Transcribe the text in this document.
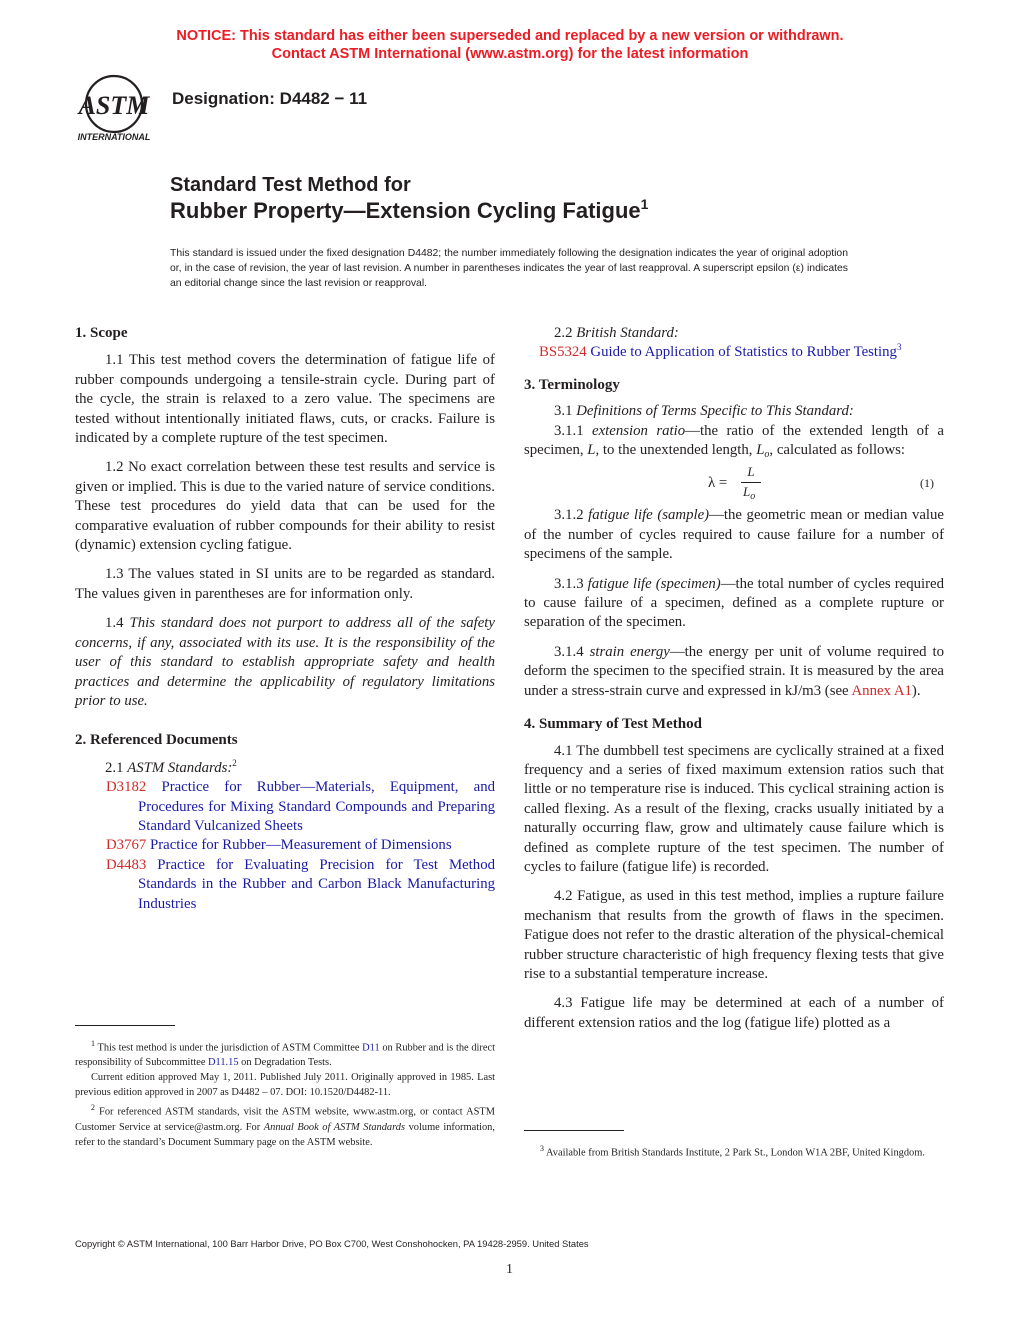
NOTICE: This standard has either been superseded and replaced by a new version or withdrawn.
Contact ASTM International (www.astm.org) for the latest information
ASTM
INTERNATIONAL
Designation: D4482 − 11
Standard Test Method for
Rubber Property—Extension Cycling Fatigue$^1$
This standard is issued under the fixed designation D4482; the number immediately following the designation indicates the year of original adoption or, in the case of revision, the year of last revision. A number in parentheses indicates the year of last reapproval. A superscript epsilon (ε) indicates an editorial change since the last revision or reapproval.

1. Scope

1.1 This test method covers the determination of fatigue life of rubber compounds undergoing a tensile-strain cycle. During part of the cycle, the strain is relaxed to a zero value. The specimens are tested without intentionally initiated flaws, cuts, or cracks. Failure is indicated by a complete rupture of the test specimen.

1.2 No exact correlation between these test results and service is given or implied. This is due to the varied nature of service conditions. These test procedures do yield data that can be used for the comparative evaluation of rubber compounds for their ability to resist (dynamic) extension cycling fatigue.

1.3 The values stated in SI units are to be regarded as standard. The values given in parentheses are for information only.

1.4 This standard does not purport to address all of the safety concerns, if any, associated with its use. It is the responsibility of the user of this standard to establish appropriate safety and health practices and determine the applicability of regulatory limitations prior to use.

2. Referenced Documents

2.1 ASTM Standards:$^2$

D3182 Practice for Rubber—Materials, Equipment, and Procedures for Mixing Standard Compounds and Preparing Standard Vulcanized Sheets

D3767 Practice for Rubber—Measurement of Dimensions

D4483 Practice for Evaluating Precision for Test Method Standards in the Rubber and Carbon Black Manufacturing Industries

$^1$ This test method is under the jurisdiction of ASTM Committee D11 on Rubber and is the direct responsibility of Subcommittee D11.15 on Degradation Tests.

Current edition approved May 1, 2011. Published July 2011. Originally approved in 1985. Last previous edition approved in 2007 as D4482 – 07. DOI: 10.1520/D4482-11.

$^2$ For referenced ASTM standards, visit the ASTM website, www.astm.org, or contact ASTM Customer Service at service@astm.org. For Annual Book of ASTM Standards volume information, refer to the standard’s Document Summary page on the ASTM website.

2.2 British Standard:

BS5324 Guide to Application of Statistics to Rubber Testing$^3$

3. Terminology

3.1 Definitions of Terms Specific to This Standard:

3.1.1 extension ratio—the ratio of the extended length of a specimen, L, to the unextended length, $L_o$, calculated as follows:

λ =
L
$L_o$
(1)

3.1.2 fatigue life (sample)—the geometric mean or median value of the number of cycles required to cause failure for a number of specimens of the sample.

3.1.3 fatigue life (specimen)—the total number of cycles required to cause failure of a specimen, defined as a complete rupture or separation of the specimen.

3.1.4 strain energy—the energy per unit of volume required to deform the specimen to the specified strain. It is measured by the area under a stress-strain curve and expressed in kJ/m3 (see Annex A1).

4. Summary of Test Method

4.1 The dumbbell test specimens are cyclically strained at a fixed frequency and a series of fixed maximum extension ratios such that little or no temperature rise is induced. This cyclical straining action is called flexing. As a result of the flexing, cracks usually initiated by a naturally occurring flaw, grow and ultimately cause failure which is defined as complete rupture of the test specimen. The number of cycles to failure (fatigue life) is recorded.

4.2 Fatigue, as used in this test method, implies a rupture failure mechanism that results from the growth of flaws in the specimen. Fatigue does not refer to the drastic alteration of the physical-chemical rubber structure characteristic of high frequency flexing tests that give rise to a substantial temperature increase.

4.3 Fatigue life may be determined at each of a number of different extension ratios and the log (fatigue life) plotted as a

$^3$ Available from British Standards Institute, 2 Park St., London W1A 2BF, United Kingdom.

Copyright © ASTM International, 100 Barr Harbor Drive, PO Box C700, West Conshohocken, PA 19428-2959. United States
1
